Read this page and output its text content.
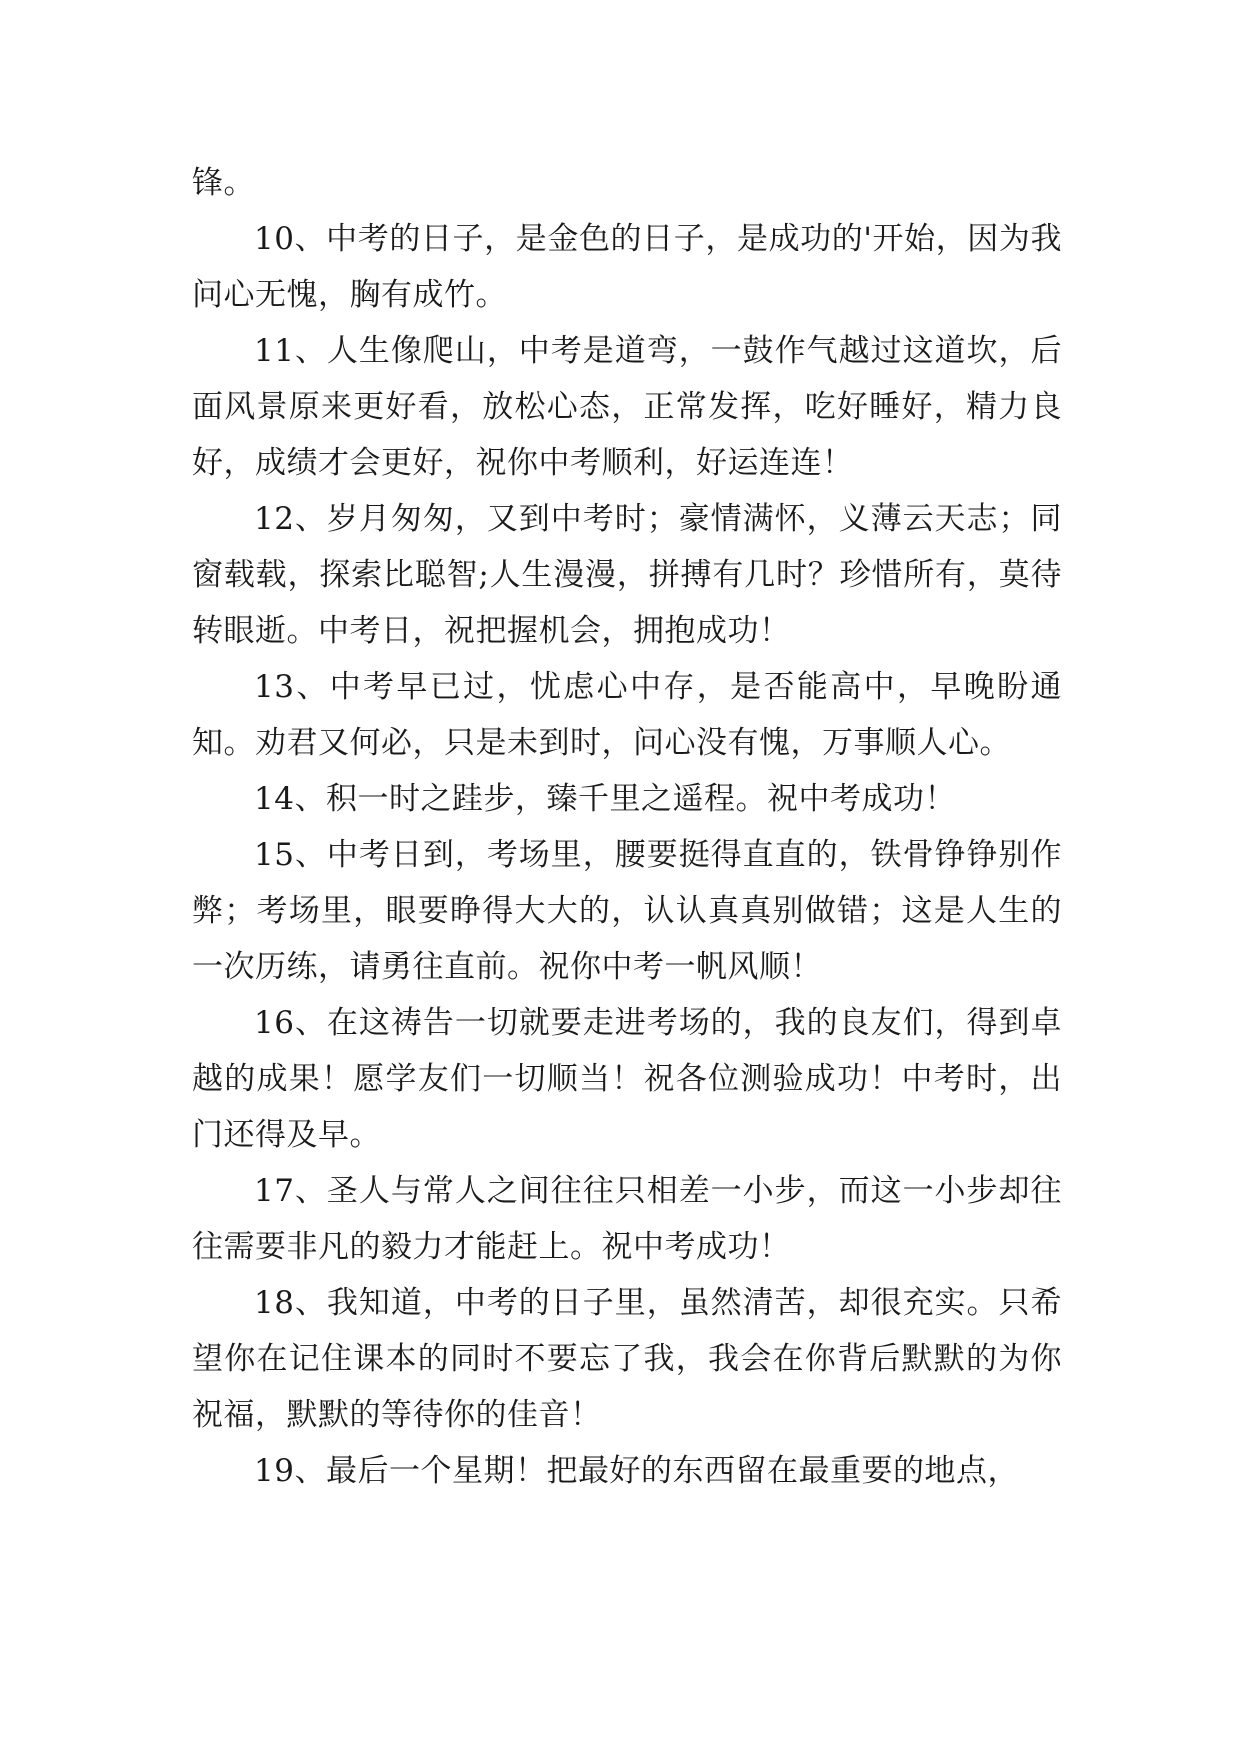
锋。

10、中考的日子，是金色的日子，是成功的'开始，因为我问心无愧，胸有成竹。

11、人生像爬山，中考是道弯，一鼓作气越过这道坎，后面风景原来更好看，放松心态，正常发挥，吃好睡好，精力良好，成绩才会更好，祝你中考顺利，好运连连！

12、岁月匆匆，又到中考时；豪情满怀，义薄云天志；同窗载载，探索比聪智;人生漫漫，拼搏有几时？珍惜所有，莫待转眼逝。中考日，祝把握机会，拥抱成功！

13、中考早已过，忧虑心中存，是否能高中，早晚盼通知。劝君又何必，只是未到时，问心没有愧，万事顺人心。

14、积一时之跬步，臻千里之遥程。祝中考成功！

15、中考日到，考场里，腰要挺得直直的，铁骨铮铮别作弊；考场里，眼要睁得大大的，认认真真别做错；这是人生的一次历练，请勇往直前。祝你中考一帆风顺！

16、在这祷告一切就要走进考场的，我的良友们，得到卓越的成果！愿学友们一切顺当！祝各位测验成功！中考时，出门还得及早。

17、圣人与常人之间往往只相差一小步，而这一小步却往往需要非凡的毅力才能赶上。祝中考成功！

18、我知道，中考的日子里，虽然清苦，却很充实。只希望你在记住课本的同时不要忘了我，我会在你背后默默的为你祝福，默默的等待你的佳音！

19、最后一个星期！把最好的东西留在最重要的地点，
